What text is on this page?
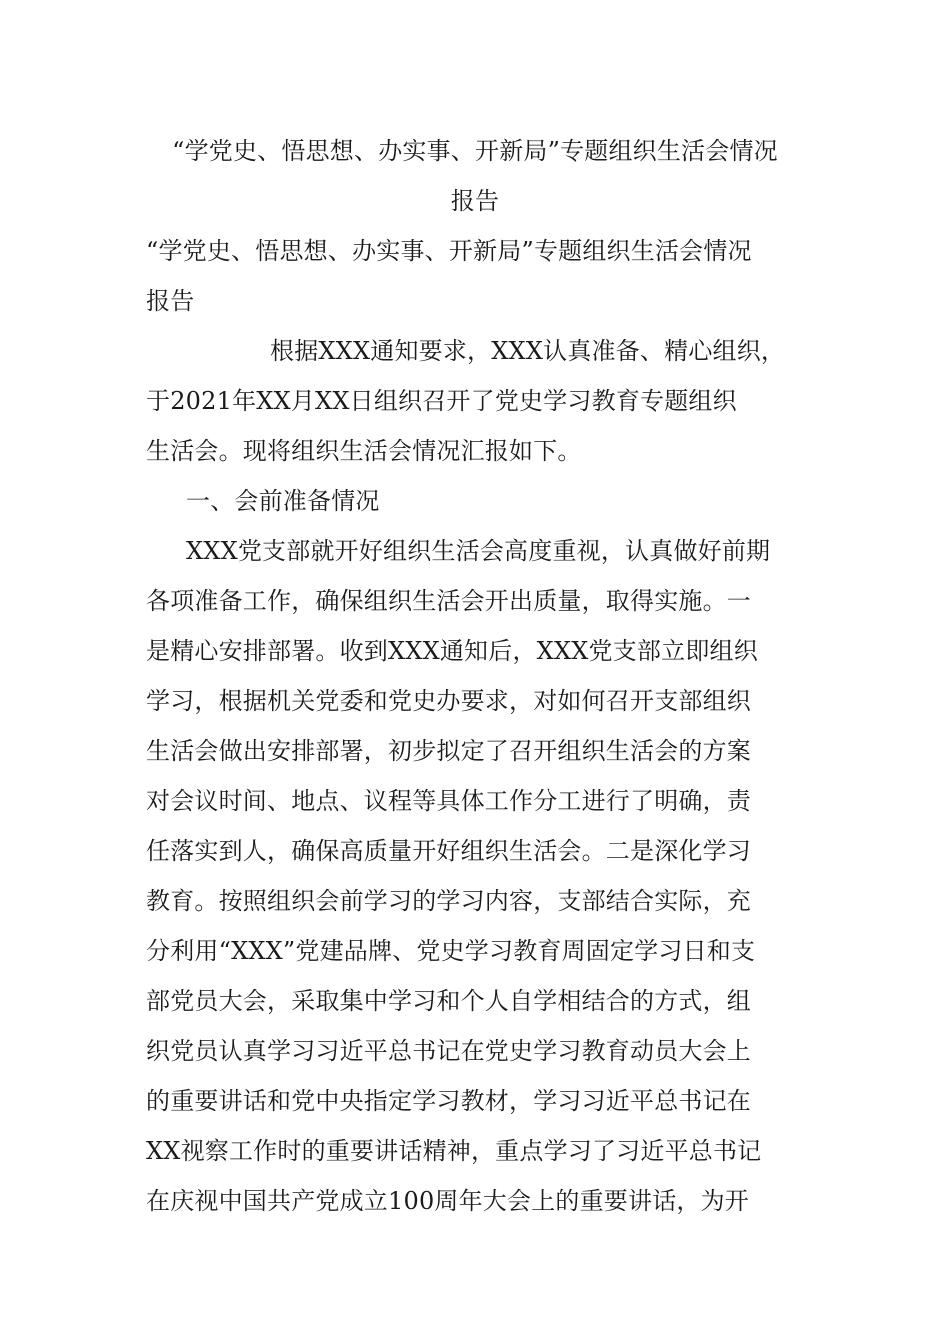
“学党史、悟思想、办实事、开新局”专题组织生活会情况
报告
“学党史、悟思想、办实事、开新局”专题组织生活会情况
报告
根据XXX通知要求，XXX认真准备、精心组织，
于2021年XX月XX日组织召开了党史学习教育专题组织
生活会。现将组织生活会情况汇报如下。
一、会前准备情况
XXX党支部就开好组织生活会高度重视，认真做好前期
各项准备工作，确保组织生活会开出质量，取得实施。一
是精心安排部署。收到XXX通知后，XXX党支部立即组织
学习，根据机关党委和党史办要求，对如何召开支部组织
生活会做出安排部署，初步拟定了召开组织生活会的方案
对会议时间、地点、议程等具体工作分工进行了明确，责
任落实到人，确保高质量开好组织生活会。二是深化学习
教育。按照组织会前学习的学习内容，支部结合实际，充
分利用“XXX”党建品牌、党史学习教育周固定学习日和支
部党员大会，采取集中学习和个人自学相结合的方式，组
织党员认真学习习近平总书记在党史学习教育动员大会上
的重要讲话和党中央指定学习教材，学习习近平总书记在
XX视察工作时的重要讲话精神，重点学习了习近平总书记
在庆视中国共产党成立100周年大会上的重要讲话，为开
